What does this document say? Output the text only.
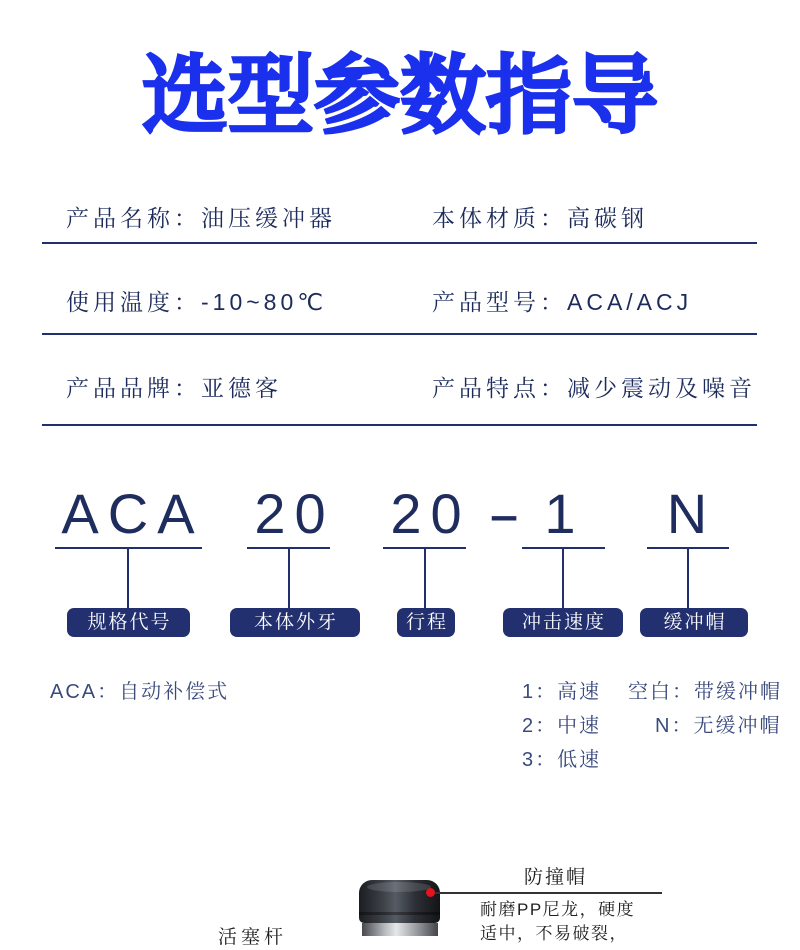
选型参数指导
产品名称：油压缓冲器	本体材质：高碳钢
使用温度：-10~80℃	产品型号：ACA/ACJ
产品品牌：亚德客	产品特点：减少震动及噪音
ACA
规格代号
20
本体外牙
20
行程
- 1
冲击速度
N
缓冲帽
ACA：自动补偿式	1：高速 空白：带缓冲帽
2：中速	N：无缓冲帽
3：低速
活塞杆
防撞帽
耐磨PP尼龙，硬度
适中，不易破裂，
